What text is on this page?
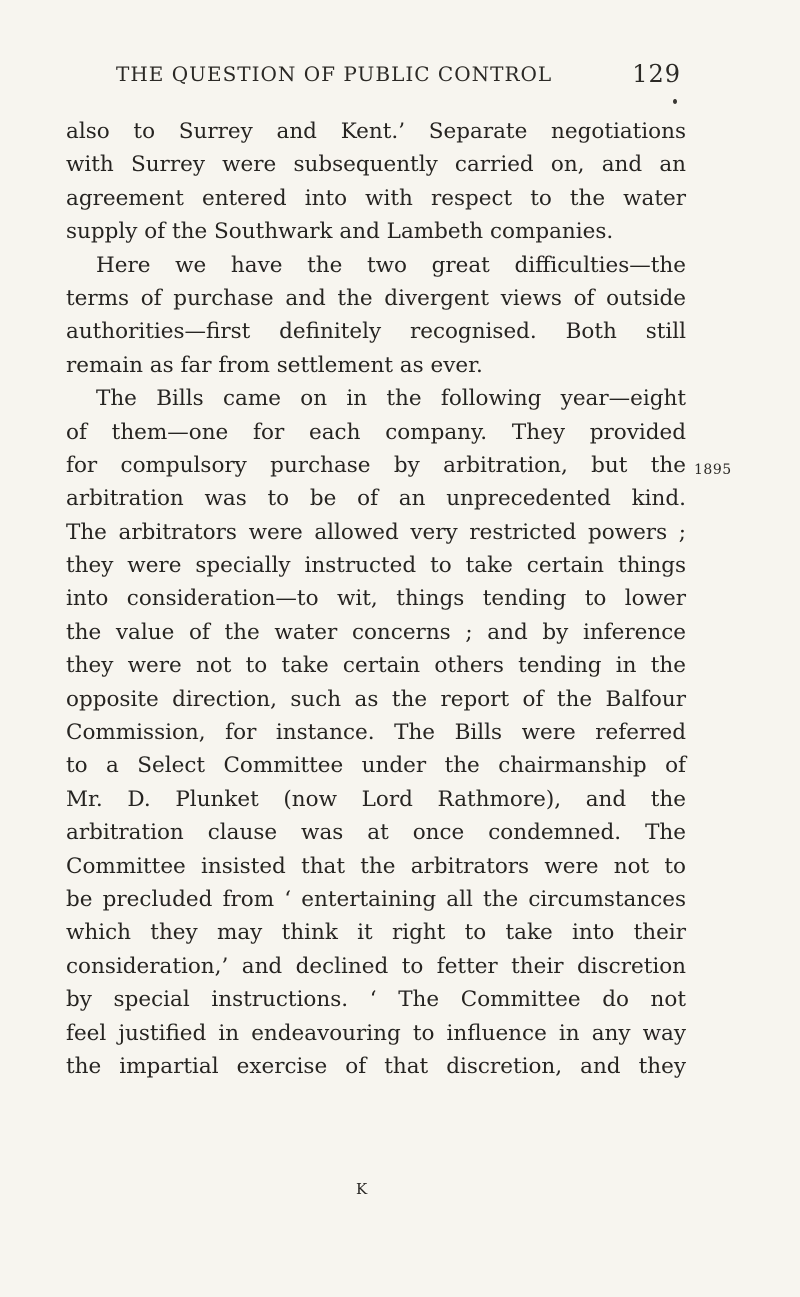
THE QUESTION OF PUBLIC CONTROL	129
also to Surrey and Kent.’ Separate negotiations
with Surrey were subsequently carried on, and an
agreement entered into with respect to the water
supply of the Southwark and Lambeth companies.
Here we have the two great difficulties—the
terms of purchase and the divergent views of outside
authorities—first definitely recognised. Both still
remain as far from settlement as ever.
The Bills came on in the following year—eight
of them—one for each company. They provided
for compulsory purchase by arbitration, but the
arbitration was to be of an unprecedented kind.
The arbitrators were allowed very restricted powers ;
they were specially instructed to take certain things
into consideration—to wit, things tending to lower
the value of the water concerns ; and by inference
they were not to take certain others tending in the
opposite direction, such as the report of the Balfour
Commission, for instance. The Bills were referred
to a Select Committee under the chairmanship of
Mr. D. Plunket (now Lord Rathmore), and the
arbitration clause was at once condemned. The
Committee insisted that the arbitrators were not to
be precluded from ‘ entertaining all the circumstances
which they may think it right to take into their
consideration,’ and declined to fetter their discretion
by special instructions. ‘ The Committee do not
feel justified in endeavouring to influence in any way
the impartial exercise of that discretion, and they
1895
K
